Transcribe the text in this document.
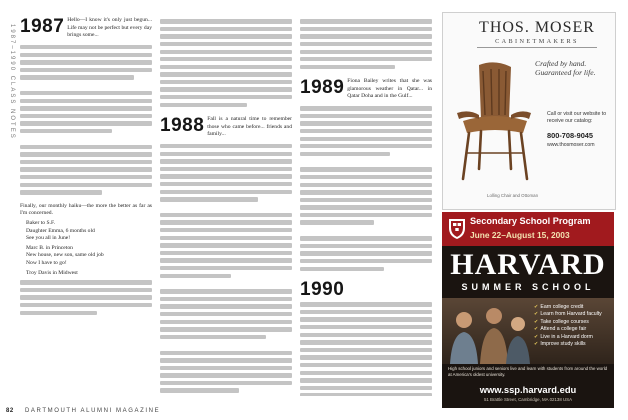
1987–1990 CLASS NOTES 1987 Hello—I know it's only just begun... Life may not be perfect but every day brings some...

Finally, our monthly haiku—the more the better as far as I'm concerned.

Baker to S.F.
Daughter Emma, 6 months old
See you all in June!

Marc B. in Princeton
New house, new son, same old job
Now I have to go!

Troy Davis in Midwest

1988 Fall is a natural time to remember those who came before... friends and family...

1989 Fiona Bailey writes that she was glamorous weather in Qatar... in Qatar Doha and in the Gulf...

1990

THOS. MOSER
CABINETMAKERS
Crafted by hand. Guaranteed for life.
Call or visit our website to receive our catalog:
800-708-9045
www.thosmoser.com
Lolling Chair and Ottoman
Secondary School Program
June 22–August 15, 2003
HARVARD
SUMMER SCHOOL
✔ Earn college credit
✔ Learn from Harvard faculty
✔ Take college courses
✔ Attend a college fair
✔ Live in a Harvard dorm
✔ Improve study skills
High school juniors and seniors live and learn with students from around the world at America's oldest university.
www.ssp.harvard.edu
51 Brattle Street, Cambridge, MA 02138 USA
82 DARTMOUTH ALUMNI MAGAZINE
